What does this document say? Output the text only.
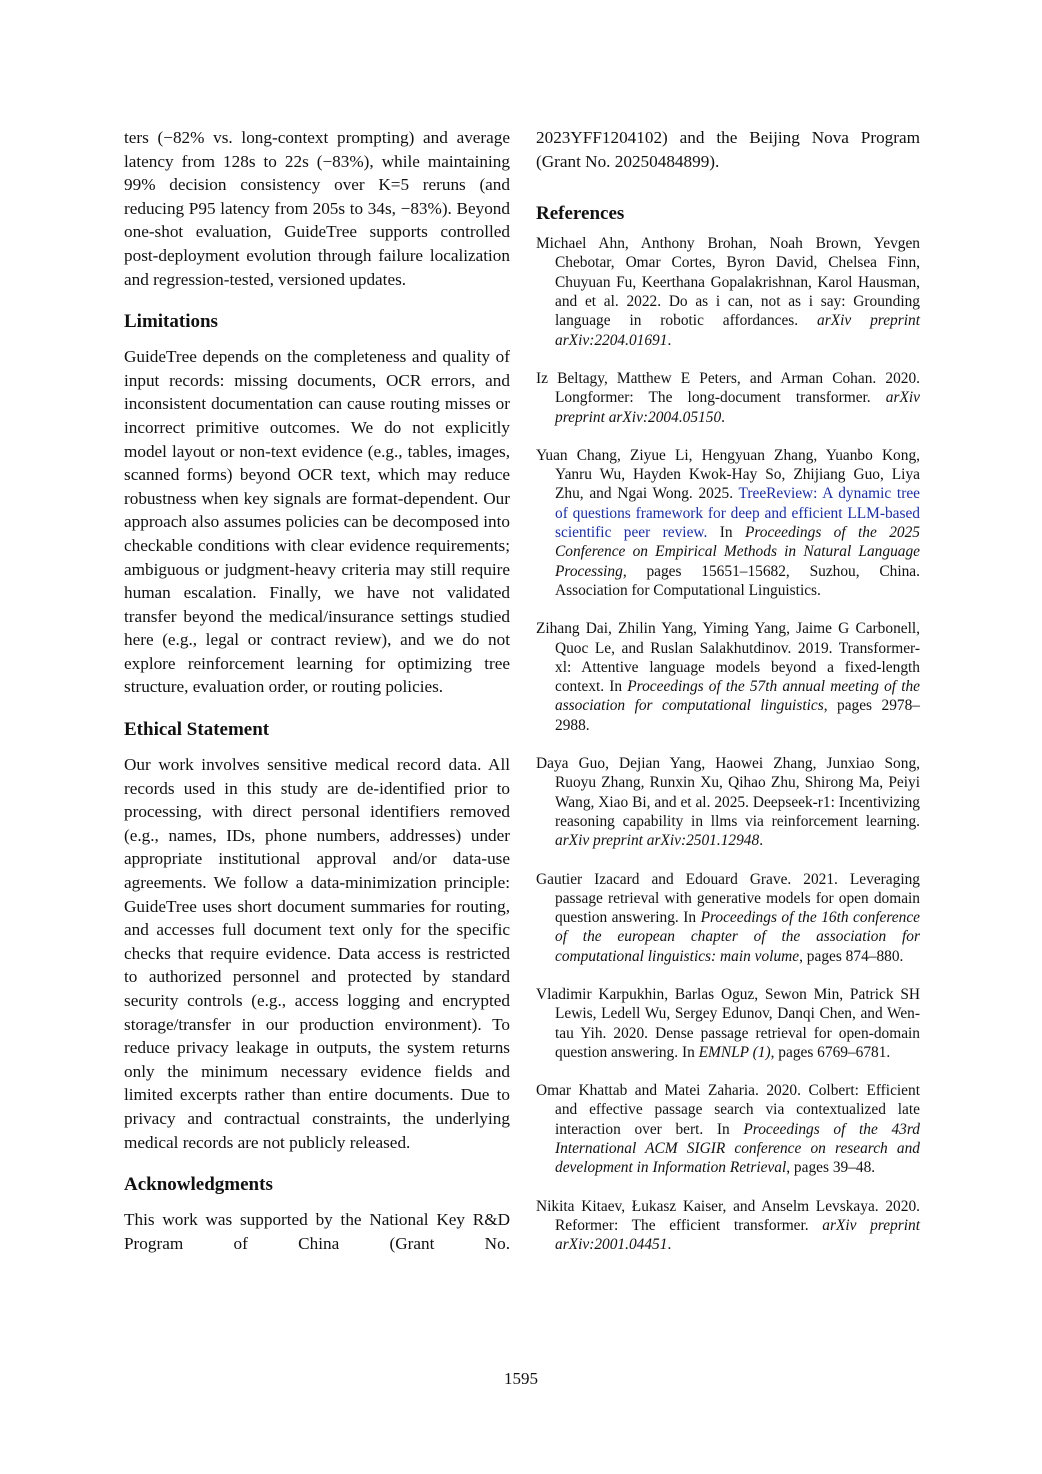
ters (−82% vs. long-context prompting) and average latency from 128s to 22s (−83%), while maintaining 99% decision consistency over K=5 reruns (and reducing P95 latency from 205s to 34s, −83%). Beyond one-shot evaluation, GuideTree supports controlled post-deployment evolution through failure localization and regression-tested, versioned updates.

Limitations

GuideTree depends on the completeness and quality of input records: missing documents, OCR errors, and inconsistent documentation can cause routing misses or incorrect primitive outcomes. We do not explicitly model layout or non-text evidence (e.g., tables, images, scanned forms) beyond OCR text, which may reduce robustness when key signals are format-dependent. Our approach also assumes policies can be decomposed into checkable conditions with clear evidence requirements; ambiguous or judgment-heavy criteria may still require human escalation. Finally, we have not validated transfer beyond the medical/insurance settings studied here (e.g., legal or contract review), and we do not explore reinforcement learning for optimizing tree structure, evaluation order, or routing policies.

Ethical Statement

Our work involves sensitive medical record data. All records used in this study are de-identified prior to processing, with direct personal identifiers removed (e.g., names, IDs, phone numbers, addresses) under appropriate institutional approval and/or data-use agreements. We follow a data-minimization principle: GuideTree uses short document summaries for routing, and accesses full document text only for the specific checks that require evidence. Data access is restricted to authorized personnel and protected by standard security controls (e.g., access logging and encrypted storage/transfer in our production environment). To reduce privacy leakage in outputs, the system returns only the minimum necessary evidence fields and limited excerpts rather than entire documents. Due to privacy and contractual constraints, the underlying medical records are not publicly released.

Acknowledgments

This work was supported by the National Key R&D Program of China (Grant No.

2023YFF1204102) and the Beijing Nova Program (Grant No. 20250484899).

References

Michael Ahn, Anthony Brohan, Noah Brown, Yevgen Chebotar, Omar Cortes, Byron David, Chelsea Finn, Chuyuan Fu, Keerthana Gopalakrishnan, Karol Hausman, and et al. 2022. Do as i can, not as i say: Grounding language in robotic affordances. arXiv preprint arXiv:2204.01691.

Iz Beltagy, Matthew E Peters, and Arman Cohan. 2020. Longformer: The long-document transformer. arXiv preprint arXiv:2004.05150.

Yuan Chang, Ziyue Li, Hengyuan Zhang, Yuanbo Kong, Yanru Wu, Hayden Kwok-Hay So, Zhijiang Guo, Liya Zhu, and Ngai Wong. 2025. TreeReview: A dynamic tree of questions framework for deep and efficient LLM-based scientific peer review. In Proceedings of the 2025 Conference on Empirical Methods in Natural Language Processing, pages 15651–15682, Suzhou, China. Association for Computational Linguistics.

Zihang Dai, Zhilin Yang, Yiming Yang, Jaime G Carbonell, Quoc Le, and Ruslan Salakhutdinov. 2019. Transformer-xl: Attentive language models beyond a fixed-length context. In Proceedings of the 57th annual meeting of the association for computational linguistics, pages 2978–2988.

Daya Guo, Dejian Yang, Haowei Zhang, Junxiao Song, Ruoyu Zhang, Runxin Xu, Qihao Zhu, Shirong Ma, Peiyi Wang, Xiao Bi, and et al. 2025. Deepseek-r1: Incentivizing reasoning capability in llms via reinforcement learning. arXiv preprint arXiv:2501.12948.

Gautier Izacard and Edouard Grave. 2021. Leveraging passage retrieval with generative models for open domain question answering. In Proceedings of the 16th conference of the european chapter of the association for computational linguistics: main volume, pages 874–880.

Vladimir Karpukhin, Barlas Oguz, Sewon Min, Patrick SH Lewis, Ledell Wu, Sergey Edunov, Danqi Chen, and Wen-tau Yih. 2020. Dense passage retrieval for open-domain question answering. In EMNLP (1), pages 6769–6781.

Omar Khattab and Matei Zaharia. 2020. Colbert: Efficient and effective passage search via contextualized late interaction over bert. In Proceedings of the 43rd International ACM SIGIR conference on research and development in Information Retrieval, pages 39–48.

Nikita Kitaev, Łukasz Kaiser, and Anselm Levskaya. 2020. Reformer: The efficient transformer. arXiv preprint arXiv:2001.04451.

1595
